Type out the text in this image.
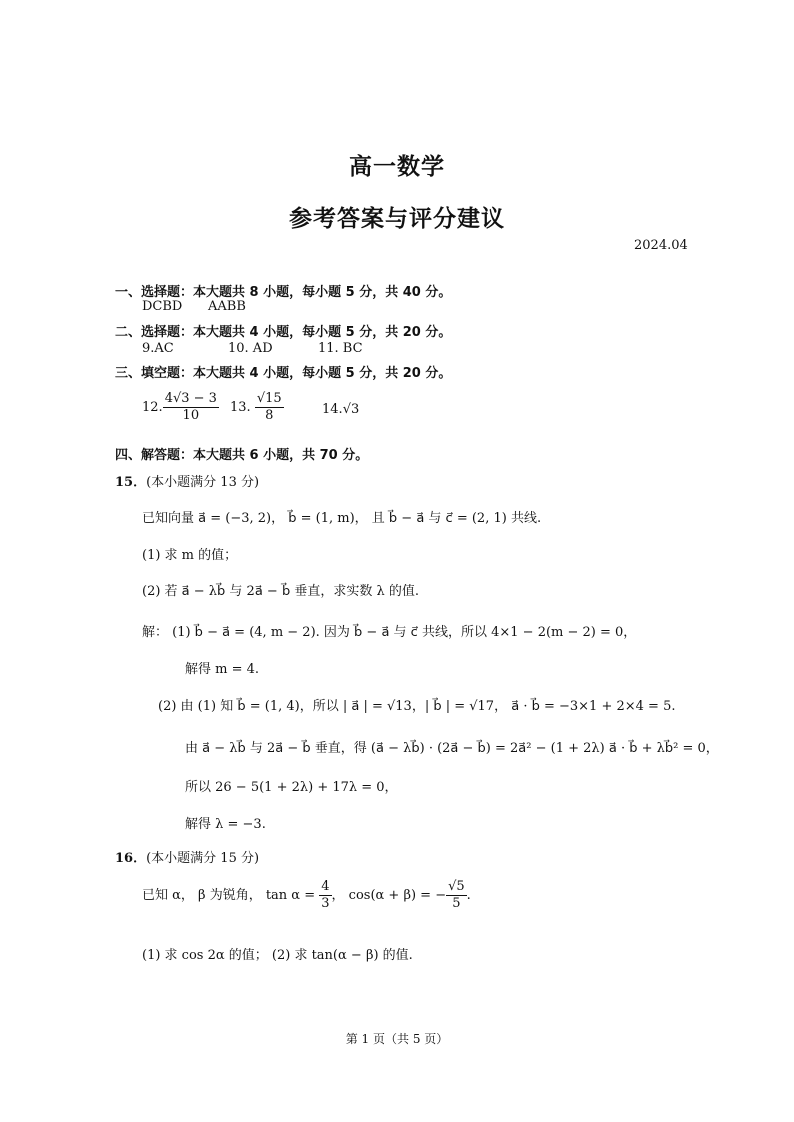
高一数学
参考答案与评分建议
2024.04
一、选择题：本大题共 8 小题，每小题 5 分，共 40 分。
DCBD AABB
二、选择题：本大题共 4 小题，每小题 5 分，共 20 分。
9.AC	10. AD	11. BC
三、填空题：本大题共 4 小题，每小题 5 分，共 20 分。
12. $\frac{4√3 - 3}{10} 13$. $\frac{√15}{8}$	14.√3
四、解答题：本大题共 6 小题，共 70 分。
15．(本小题满分 13 分)
已知向量 a⃗ = (−3, 2)， b⃗ = (1, m)， 且 b⃗ − a⃗ 与 c⃗ = (2, 1) 共线.
(1) 求 m 的值；
(2) 若 a⃗ − λb⃗ 与 2a⃗ − b⃗ 垂直，求实数 λ 的值.
解： (1) b⃗ − a⃗ = (4, m − 2). 因为 b⃗ − a⃗ 与 c⃗ 共线，所以 4×1 − 2(m − 2) = 0，
解得 m = 4.
(2) 由 (1) 知 b⃗ = (1, 4)，所以 | a⃗ | = √13，| b⃗ | = √17， a⃗ · b⃗ = −3×1 + 2×4 = 5.
由 a⃗ − λb⃗ 与 2a⃗ − b⃗ 垂直，得 (a⃗ − λb⃗) · (2a⃗ − b⃗) = 2a⃗² − (1 + 2λ) a⃗ · b⃗ + λb⃗² = 0，
所以 26 − 5(1 + 2λ) + 17λ = 0，
解得 λ = −3.
16．(本小题满分 15 分)
已知 α， β 为锐角， $\tan \alpha = \frac{4}{3}$ ， cos(α + β) = − $\frac{√5}{5}$ .
(1) 求 cos 2α 的值； (2) 求 tan(α − β) 的值.
第 1 页（共 5 页）
